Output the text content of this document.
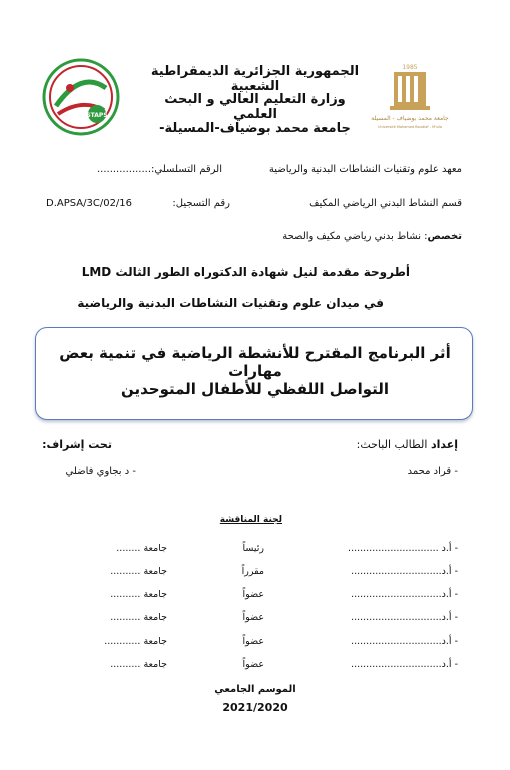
STAPS
الجمهورية الجزائرية الديمقراطية الشعبية
وزارة التعليم العالي و البحث العلمي
جامعة محمد بوضياف-المسيلة-
1985
جامعة محمد بوضياف - المسيلة
Université Mohamed Boudiaf - M'sila
معهد علوم وتقنيات النشاطات البدنية والرياضية
الرقم التسلسلي:.................
قسم النشاط البدني الرياضي المكيف
رقم التسجيل:
D.APSA/3C/02/16
تخصص: نشاط بدني رياضي مكيف والصحة
أطروحة مقدمة لنيل شهادة الدكتوراه الطور الثالث LMD
في ميدان علوم وتقنيات النشاطات البدنية والرياضية
أثر البرنامج المقترح للأنشطة الرياضية في تنمية بعض مهارات
التواصل اللفظي للأطفال المتوحدين
إعداد الطالب الباحث:
- قراد محمد
تحت إشراف:
- د بجاوي فاضلي
لجنة المناقشة
- أ.د ..............................
رئيساً
جامعة ........
- أ.د..............................
مقرراً
جامعة ..........
- أ.د..............................
عضواً
جامعة ..........
- أ.د..............................
عضواً
جامعة ..........
- أ.د..............................
عضواً
جامعة ............
- أ.د..............................
عضواً
جامعة ..........
الموسم الجامعي
2021/2020
